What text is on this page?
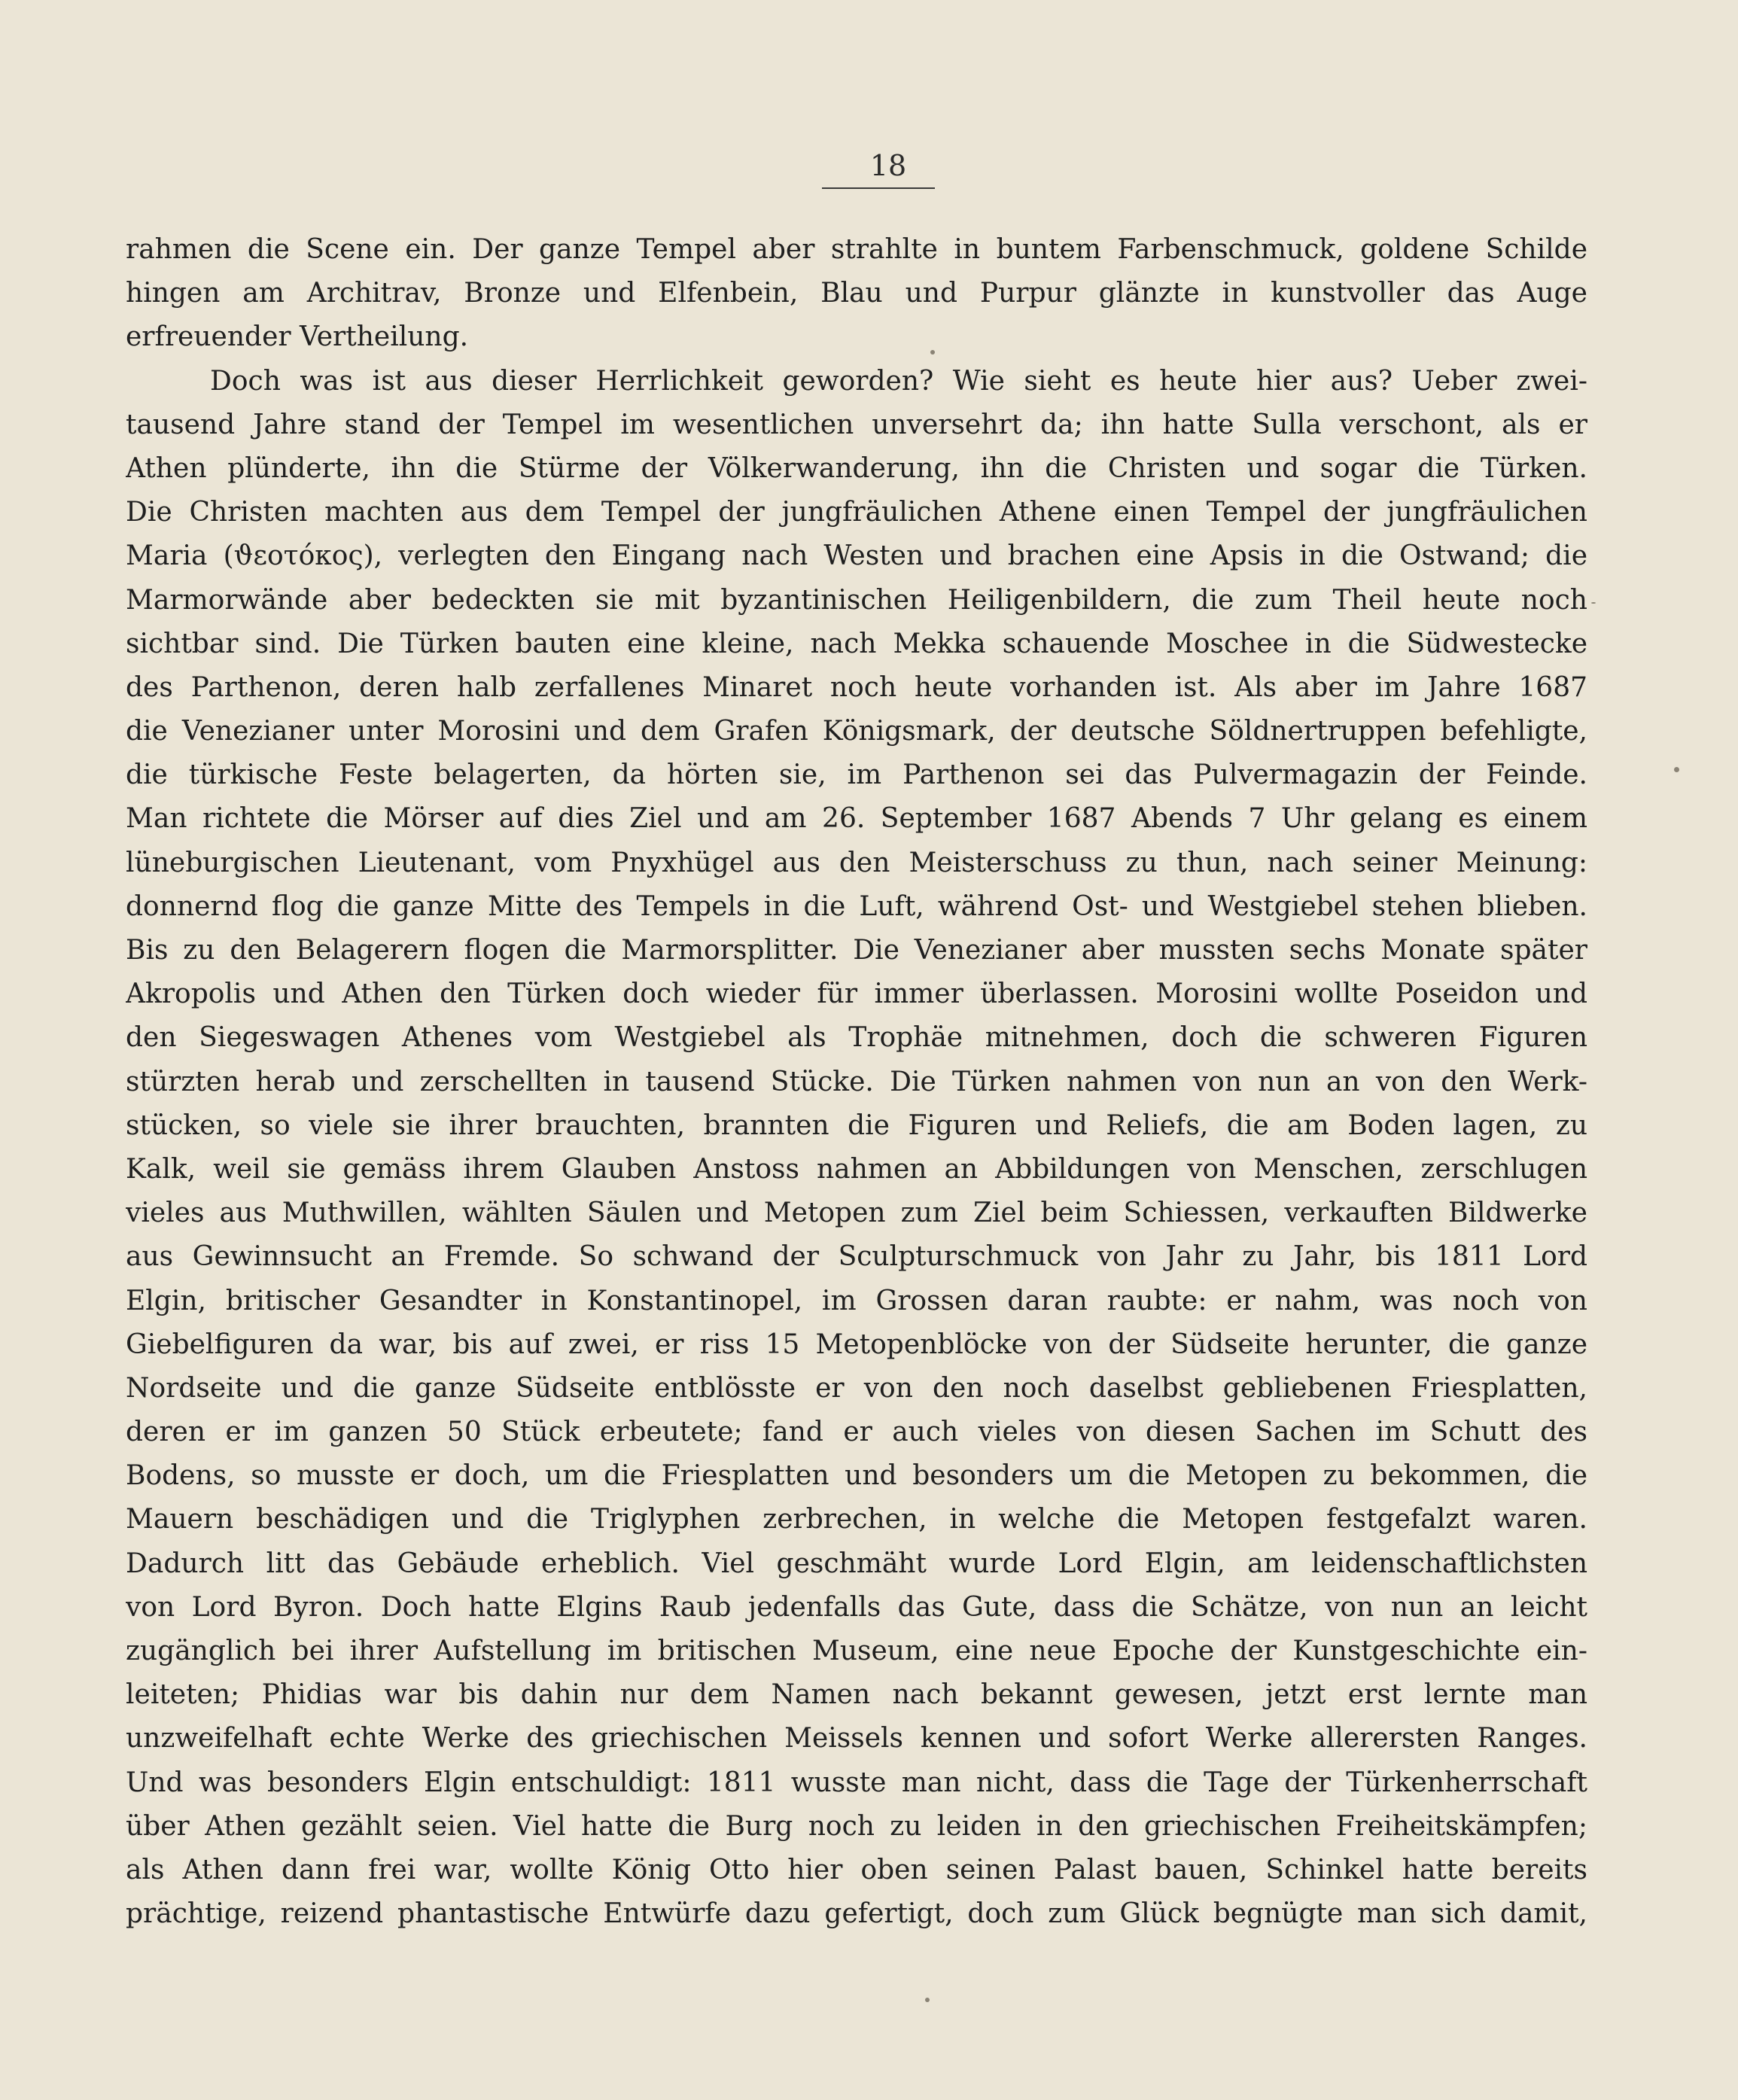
18
rahmen die Scene ein. Der ganze Tempel aber strahlte in buntem Farbenschmuck, goldene Schilde
hingen am Architrav, Bronze und Elfenbein, Blau und Purpur glänzte in kunstvoller das Auge
erfreuender Vertheilung.
Doch was ist aus dieser Herrlichkeit geworden? Wie sieht es heute hier aus? Ueber zwei-
tausend Jahre stand der Tempel im wesentlichen unversehrt da; ihn hatte Sulla verschont, als er
Athen plünderte, ihn die Stürme der Völkerwanderung, ihn die Christen und sogar die Türken.
Die Christen machten aus dem Tempel der jungfräulichen Athene einen Tempel der jungfräulichen
Maria (ϑεοτόκος), verlegten den Eingang nach Westen und brachen eine Apsis in die Ostwand; die
Marmorwände aber bedeckten sie mit byzantinischen Heiligenbildern, die zum Theil heute noch
sichtbar sind. Die Türken bauten eine kleine, nach Mekka schauende Moschee in die Südwestecke
des Parthenon, deren halb zerfallenes Minaret noch heute vorhanden ist. Als aber im Jahre 1687
die Venezianer unter Morosini und dem Grafen Königsmark, der deutsche Söldnertruppen befehligte,
die türkische Feste belagerten, da hörten sie, im Parthenon sei das Pulvermagazin der Feinde.
Man richtete die Mörser auf dies Ziel und am 26. September 1687 Abends 7 Uhr gelang es einem
lüneburgischen Lieutenant, vom Pnyxhügel aus den Meisterschuss zu thun, nach seiner Meinung:
donnernd flog die ganze Mitte des Tempels in die Luft, während Ost- und Westgiebel stehen blieben.
Bis zu den Belagerern flogen die Marmorsplitter. Die Venezianer aber mussten sechs Monate später
Akropolis und Athen den Türken doch wieder für immer überlassen. Morosini wollte Poseidon und
den Siegeswagen Athenes vom Westgiebel als Trophäe mitnehmen, doch die schweren Figuren
stürzten herab und zerschellten in tausend Stücke. Die Türken nahmen von nun an von den Werk-
stücken, so viele sie ihrer brauchten, brannten die Figuren und Reliefs, die am Boden lagen, zu
Kalk, weil sie gemäss ihrem Glauben Anstoss nahmen an Abbildungen von Menschen, zerschlugen
vieles aus Muthwillen, wählten Säulen und Metopen zum Ziel beim Schiessen, verkauften Bildwerke
aus Gewinnsucht an Fremde. So schwand der Sculpturschmuck von Jahr zu Jahr, bis 1811 Lord
Elgin, britischer Gesandter in Konstantinopel, im Grossen daran raubte: er nahm, was noch von
Giebelfiguren da war, bis auf zwei, er riss 15 Metopenblöcke von der Südseite herunter, die ganze
Nordseite und die ganze Südseite entblösste er von den noch daselbst gebliebenen Friesplatten,
deren er im ganzen 50 Stück erbeutete; fand er auch vieles von diesen Sachen im Schutt des
Bodens, so musste er doch, um die Friesplatten und besonders um die Metopen zu bekommen, die
Mauern beschädigen und die Triglyphen zerbrechen, in welche die Metopen festgefalzt waren.
Dadurch litt das Gebäude erheblich. Viel geschmäht wurde Lord Elgin, am leidenschaftlichsten
von Lord Byron. Doch hatte Elgins Raub jedenfalls das Gute, dass die Schätze, von nun an leicht
zugänglich bei ihrer Aufstellung im britischen Museum, eine neue Epoche der Kunstgeschichte ein-
leiteten; Phidias war bis dahin nur dem Namen nach bekannt gewesen, jetzt erst lernte man
unzweifelhaft echte Werke des griechischen Meissels kennen und sofort Werke allerersten Ranges.
Und was besonders Elgin entschuldigt: 1811 wusste man nicht, dass die Tage der Türkenherrschaft
über Athen gezählt seien. Viel hatte die Burg noch zu leiden in den griechischen Freiheitskämpfen;
als Athen dann frei war, wollte König Otto hier oben seinen Palast bauen, Schinkel hatte bereits
prächtige, reizend phantastische Entwürfe dazu gefertigt, doch zum Glück begnügte man sich damit,
